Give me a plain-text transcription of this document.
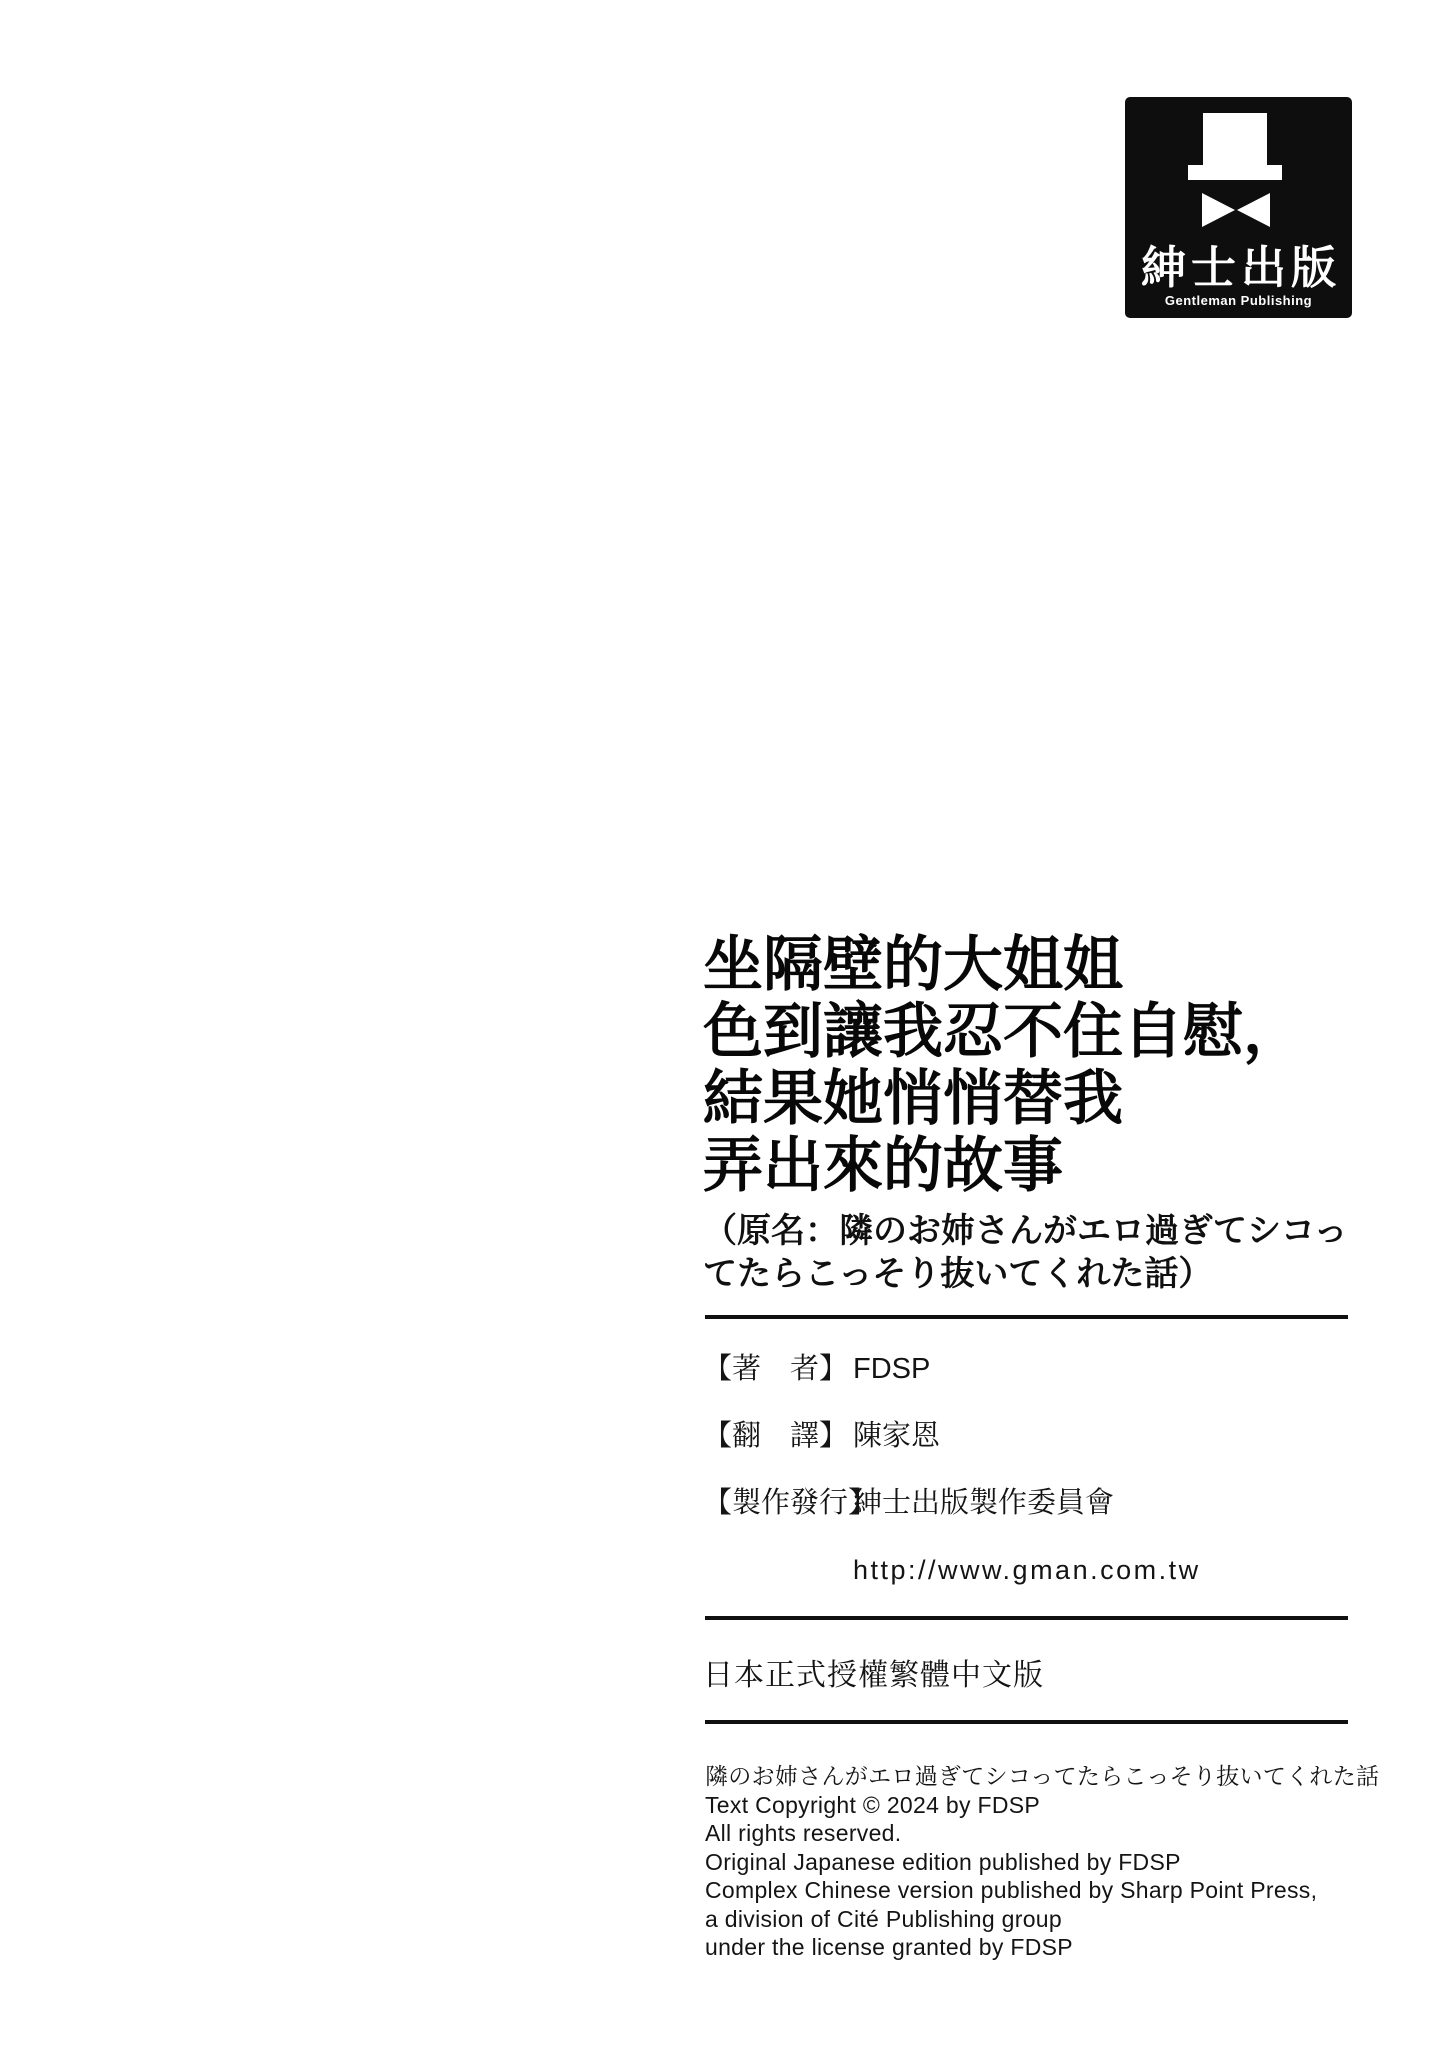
紳士出版
Gentleman Publishing
坐隔壁的大姐姐
色到讓我忍不住自慰，
結果她悄悄替我
弄出來的故事
（原名：隣のお姉さんがエロ過ぎてシコっ
てたらこっそり抜いてくれた話）
【著　者】 FDSP
【翻　譯】 陳家恩
【製作發行】
紳士出版製作委員會
http://www.gman.com.tw
日本正式授權繁體中文版
隣のお姉さんがエロ過ぎてシコってたらこっそり抜いてくれた話
Text Copyright © 2024 by FDSP
All rights reserved.
Original Japanese edition published by FDSP
Complex Chinese version published by Sharp Point Press,
a division of Cité Publishing group
under the license granted by FDSP
